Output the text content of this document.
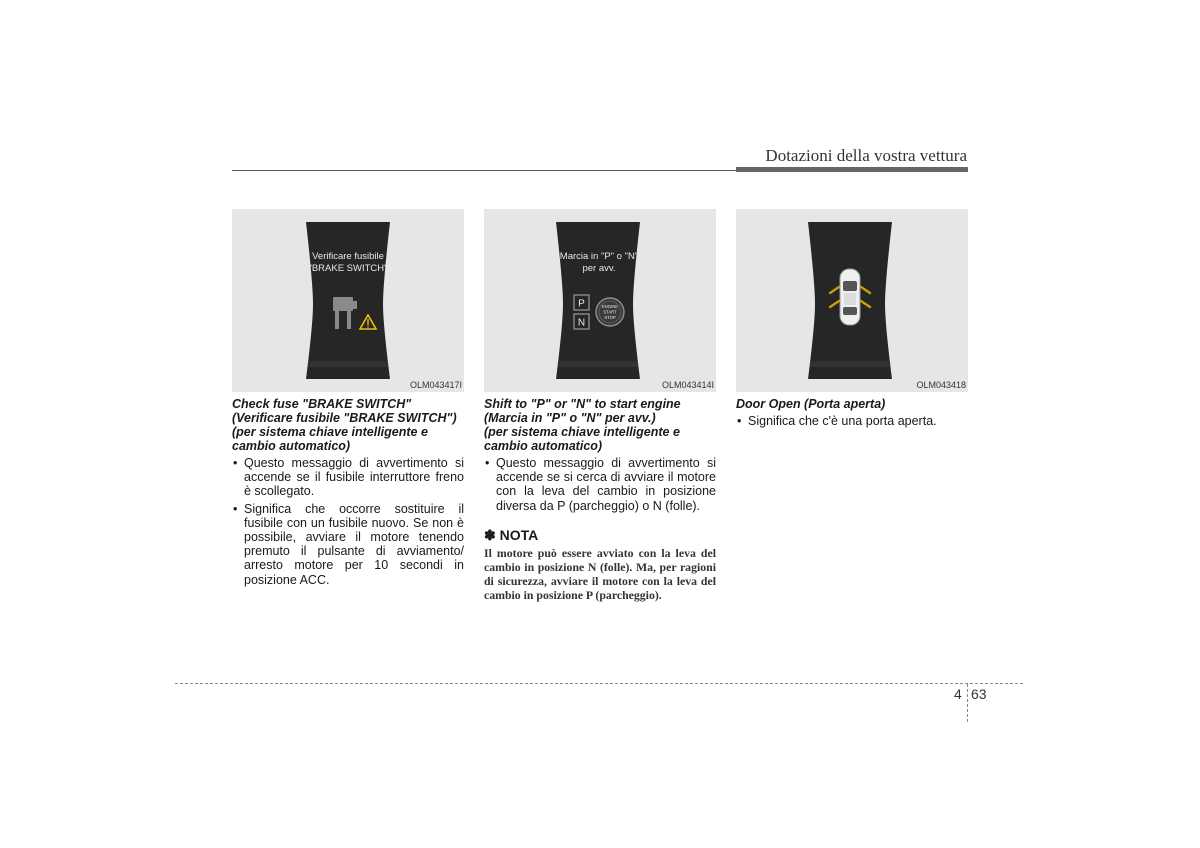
Dotazioni della vostra vettura
Verificare fusibile
"BRAKE SWITCH"
OLM043417I
Check fuse "BRAKE SWITCH"
(Verificare fusibile "BRAKE SWITCH")
(per sistema chiave intelligente e
cambio automatico)
• Questo messaggio di avvertimento si accende se il fusibile interruttore freno è scollegato.
• Significa che occorre sostituire il fusibile con un fusibile nuovo. Se non è possibile, avviare il motore tenendo premuto il pulsante di avviamento/ arresto motore per 10 secondi in posizione ACC.
Marcia in "P" o "N"
per avv.
P
N
ENGINE
START
STOP
OLM043414I
Shift to "P" or "N" to start engine
(Marcia in "P" o "N" per avv.)
(per sistema chiave intelligente e
cambio automatico)
• Questo messaggio di avvertimento si accende se si cerca di avviare il motore con la leva del cambio in posizione diversa da P (parcheggio) o N (folle).
✽ NOTA
Il motore può essere avviato con la leva del cambio in posizione N (folle). Ma, per ragioni di sicurezza, avviare il motore con la leva del cambio in posizione P (parcheggio).
OLM043418
Door Open (Porta aperta)
• Significa che c'è una porta aperta.
4 63
